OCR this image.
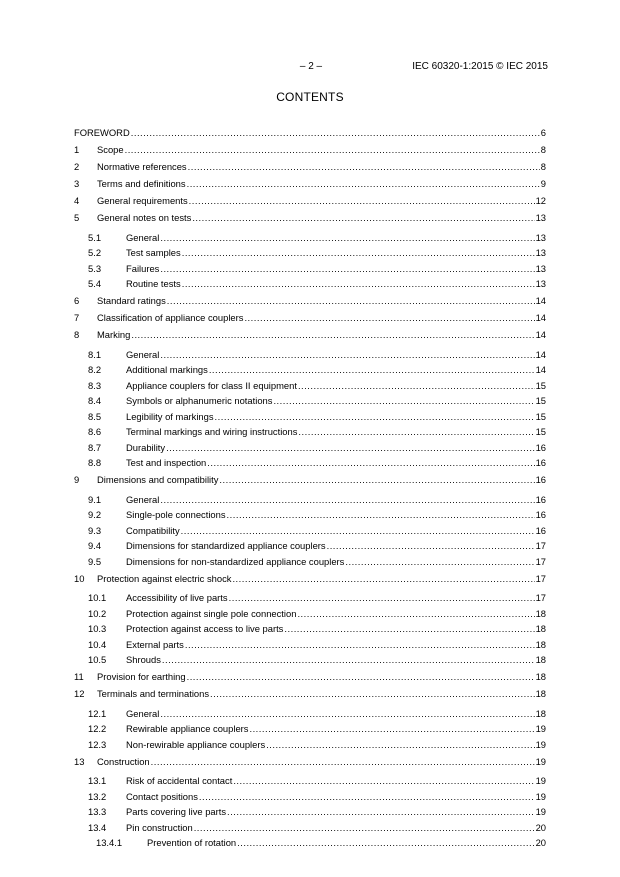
– 2 –	IEC 60320-1:2015 © IEC 2015
CONTENTS
FOREWORD .....	6
1	Scope .....	8
2	Normative references .....	8
3	Terms and definitions .....	9
4	General requirements .....	12
5	General notes on tests .....	13
5.1	General .....	13
5.2	Test samples .....	13
5.3	Failures .....	13
5.4	Routine tests .....	13
6	Standard ratings .....	14
7	Classification of appliance couplers .....	14
8	Marking .....	14
8.1	General .....	14
8.2	Additional markings .....	14
8.3	Appliance couplers for class II equipment .....	15
8.4	Symbols or alphanumeric notations .....	15
8.5	Legibility of markings .....	15
8.6	Terminal markings and wiring instructions .....	15
8.7	Durability .....	16
8.8	Test and inspection .....	16
9	Dimensions and compatibility .....	16
9.1	General .....	16
9.2	Single-pole connections .....	16
9.3	Compatibility .....	16
9.4	Dimensions for standardized appliance couplers .....	17
9.5	Dimensions for non-standardized appliance couplers .....	17
10	Protection against electric shock .....	17
10.1	Accessibility of live parts .....	17
10.2	Protection against single pole connection .....	18
10.3	Protection against access to live parts .....	18
10.4	External parts .....	18
10.5	Shrouds .....	18
11	Provision for earthing .....	18
12	Terminals and terminations .....	18
12.1	General .....	18
12.2	Rewirable appliance couplers .....	19
12.3	Non-rewirable appliance couplers .....	19
13	Construction .....	19
13.1	Risk of accidental contact .....	19
13.2	Contact positions .....	19
13.3	Parts covering live parts .....	19
13.4	Pin construction .....	20
13.4.1	Prevention of rotation .....	20
